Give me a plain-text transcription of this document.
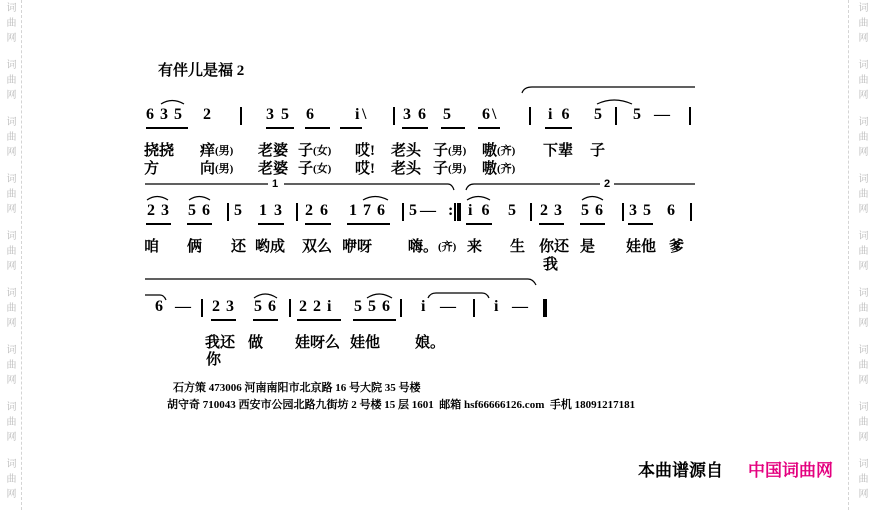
词曲网
词曲网
词曲网
词曲网
词曲网
词曲网
词曲网
词曲网
词曲网
词曲网
词曲网
词曲网
词曲网
词曲网
词曲网
词曲网
词曲网
词曲网
有伴儿是福 2
635 2	35 6	i \ 36 5 6 \	i6 5 5 —
挠挠 痒 (男) 老婆 子 (女) 哎! 老头 子 (男) 嗷 (齐) 下辈 子
方	向 (男) 老婆 子 (女) 哎! 老头 子 (男) 嗷 (齐)
1	2
23 56 5 13 26 176 5 — : i6 5 23 56 35 6
咱 俩 还 哟成 双么 咿呀 嗨。 (齐) 来 生 你还 是 娃他 爹
我
6 — 23 56 22i 556 i — i —
我还 做 娃呀么 娃他 娘。
你
石方策 473006 河南南阳市北京路 16 号大院 35 号楼
胡守奇 710043 西安市公园北路九街坊 2 号楼 15 层 1601  邮箱 hsf66666126.com  手机 18091217181
本曲谱源自 中国词曲网
